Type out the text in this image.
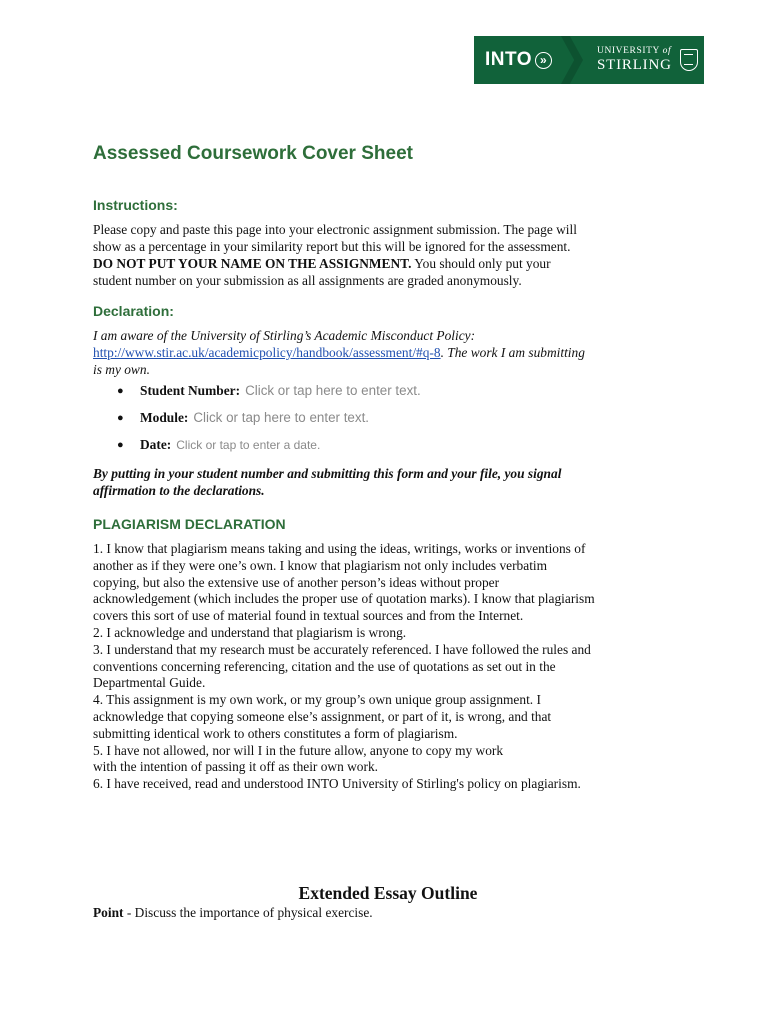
INTO »
UNIVERSITY of
STIRLING
Assessed Coursework Cover Sheet
Instructions:
Please copy and paste this page into your electronic assignment submission. The page will
show as a percentage in your similarity report but this will be ignored for the assessment.
DO NOT PUT YOUR NAME ON THE ASSIGNMENT. You should only put your
student number on your submission as all assignments are graded anonymously.
Declaration:
I am aware of the University of Stirling’s Academic Misconduct Policy:
http://www.stir.ac.uk/academicpolicy/handbook/assessment/#q-8. The work I am submitting
is my own.
●	Student Number: Click or tap here to enter text.
●	Module: Click or tap here to enter text.
●	Date: Click or tap to enter a date.
By putting in your student number and submitting this form and your file, you signal
affirmation to the declarations.
PLAGIARISM DECLARATION
1. I know that plagiarism means taking and using the ideas, writings, works or inventions of
another as if they were one’s own. I know that plagiarism not only includes verbatim
copying, but also the extensive use of another person’s ideas without proper
acknowledgement (which includes the proper use of quotation marks). I know that plagiarism
covers this sort of use of material found in textual sources and from the Internet.
2. I acknowledge and understand that plagiarism is wrong.
3. I understand that my research must be accurately referenced. I have followed the rules and
conventions concerning referencing, citation and the use of quotations as set out in the
Departmental Guide.
4. This assignment is my own work, or my group’s own unique group assignment. I
acknowledge that copying someone else’s assignment, or part of it, is wrong, and that
submitting identical work to others constitutes a form of plagiarism.
5. I have not allowed, nor will I in the future allow, anyone to copy my work
with the intention of passing it off as their own work.
6. I have received, read and understood INTO University of Stirling's policy on plagiarism.
Extended Essay Outline
Point - Discuss the importance of physical exercise.
